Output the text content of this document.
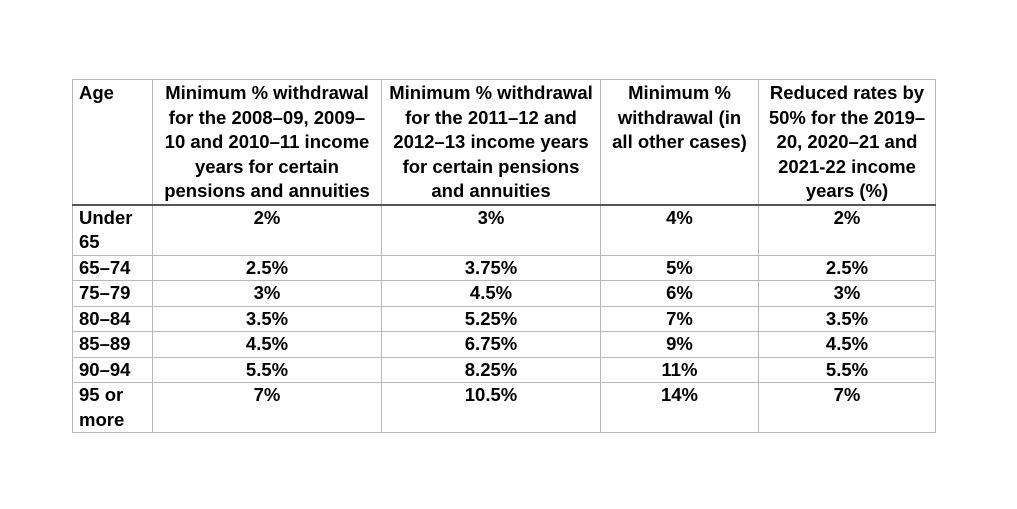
Age	Minimum % withdrawal for the 2008–09, 2009–10 and 2010–11 income years for certain pensions and annuities	Minimum % withdrawal for the 2011–12 and 2012–13 income years for certain pensions and annuities	Minimum % withdrawal (in all other cases)	Reduced rates by 50% for the 2019–20, 2020–21 and 2021-22 income years (%)
Under 65	2%	3%	4%	2%
65–74	2.5%	3.75%	5%	2.5%
75–79	3%	4.5%	6%	3%
80–84	3.5%	5.25%	7%	3.5%
85–89	4.5%	6.75%	9%	4.5%
90–94	5.5%	8.25%	11%	5.5%
95 or more	7%	10.5%	14%	7%
